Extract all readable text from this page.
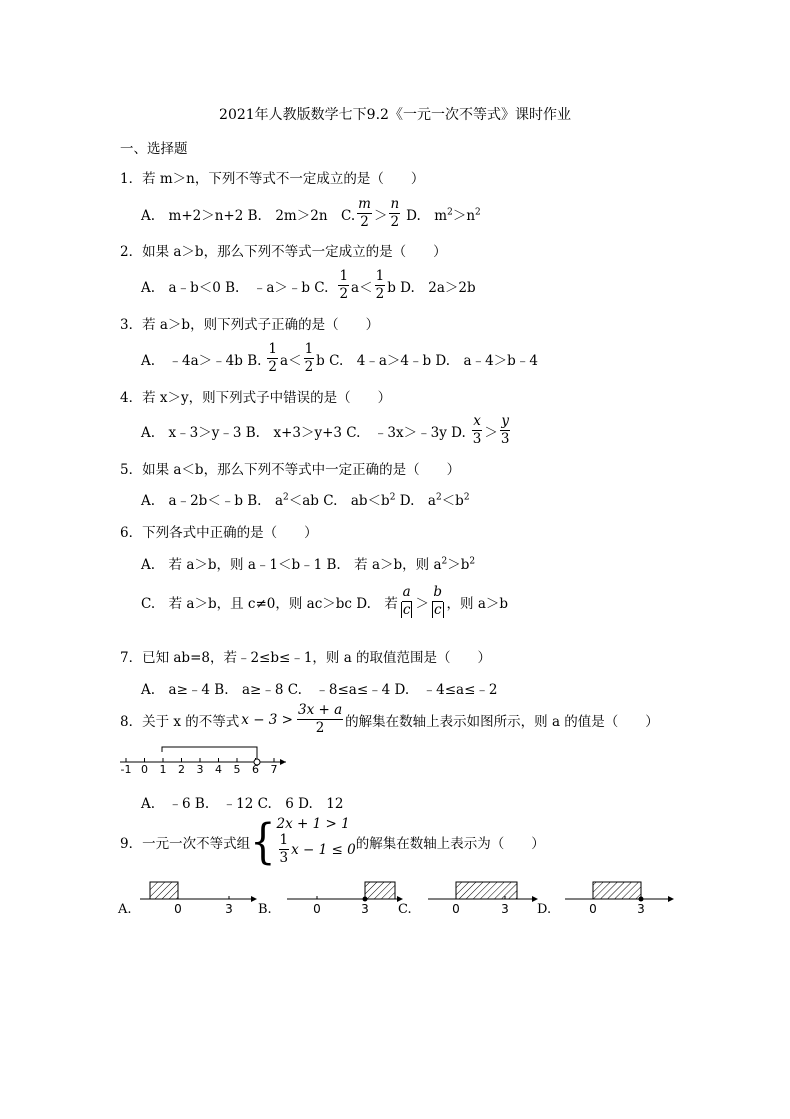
2021年人教版数学七下9.2《一元一次不等式》课时作业
一、选择题
1．若 m＞n，下列不等式不一定成立的是（　　）
A.　m+2＞n+2 B.　2m＞2n　C. $\frac{m}{2} > \frac{n}{2} D$.　$m^2>n^2$
2．如果 a＞b，那么下列不等式一定成立的是（　　）
A.　a﹣b＜0 B.　﹣a＞﹣b C. $\frac{1}{2} a< \frac{1}{2}$ b D.　2a＞2b
3．若 a＞b，则下列式子正确的是（　　）
A.　﹣4a＞﹣4b B. $\frac{1}{2} a< \frac{1}{2}$ b C.　4﹣a＞4﹣b D.　a﹣4＞b﹣4
4．若 x＞y，则下列式子中错误的是（　　）
A.　x﹣3＞y﹣3 B.　x+3＞y+3 C.　﹣3x＞﹣3y D. $\frac{x}{3} > \frac{y}{3}$
5．如果 a＜b，那么下列不等式中一定正确的是（　　）
A.　a﹣2b＜﹣b B.　$a^2<ab$ C.　$ab<b^2$ D.　$a^2<b^2$
6．下列各式中正确的是（　　）
A.　若 a＞b，则 a﹣1＜b﹣1 B.　若 a＞b，则 $a^2>b^2$
C.　若 a＞b，且 c≠0，则 ac＞bc D.　若 $\frac{a}{c} > \frac{b}{c}$ ，则 a＞b
7．已知 ab=8，若﹣2≤b≤﹣1，则 a 的取值范围是（　　）
A.　a≥﹣4 B.　a≥﹣8 C.　﹣8≤a≤﹣4 D.　﹣4≤a≤﹣2
8．关于 x 的不等式 $x - 3 > \frac{3x + a}{2}$ 的解集在数轴上表示如图所示，则 a 的值是（　　）
-1 0 1 2 3 4 5 6 7
A.　﹣6 B.　﹣12 C.　6 D.　12
9．一元一次不等式组 { 2x + 1 > 1
$\frac{1}{3}$ x − 1 ≤ 0 的解集在数轴上表示为（　　）
A.	0	3 B.	0	3 C.	0	3 D.	0	3
